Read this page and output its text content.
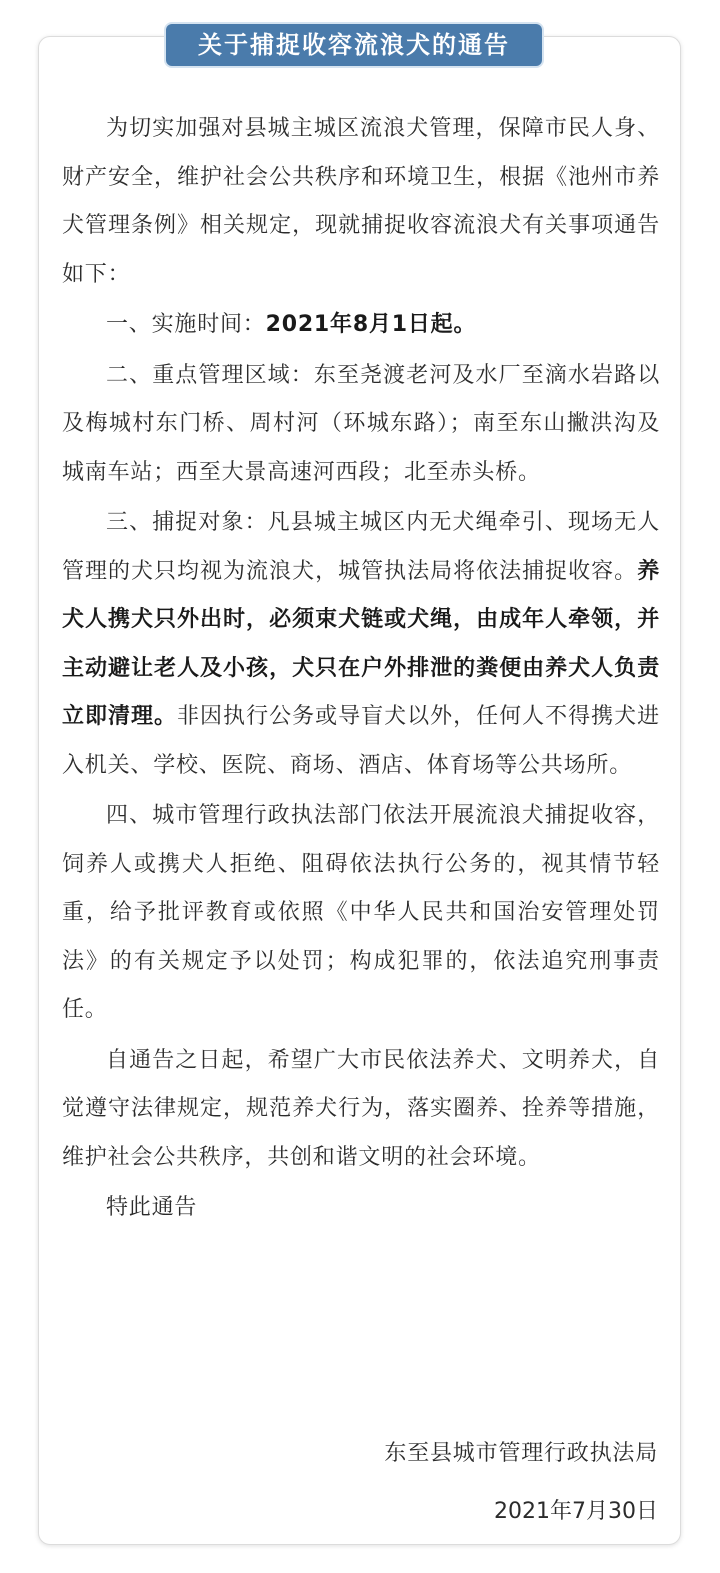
关于捕捉收容流浪犬的通告

为切实加强对县城主城区流浪犬管理，保障市民人身、财产安全，维护社会公共秩序和环境卫生，根据《池州市养犬管理条例》相关规定，现就捕捉收容流浪犬有关事项通告如下：

一、实施时间：2021年8月1日起。

二、重点管理区域：东至尧渡老河及水厂至滴水岩路以及梅城村东门桥、周村河（环城东路）；南至东山撇洪沟及城南车站；西至大景高速河西段；北至赤头桥。

三、捕捉对象：凡县城主城区内无犬绳牵引、现场无人管理的犬只均视为流浪犬，城管执法局将依法捕捉收容。养犬人携犬只外出时，必须束犬链或犬绳，由成年人牵领，并主动避让老人及小孩，犬只在户外排泄的粪便由养犬人负责立即清理。非因执行公务或导盲犬以外，任何人不得携犬进入机关、学校、医院、商场、酒店、体育场等公共场所。

四、城市管理行政执法部门依法开展流浪犬捕捉收容，饲养人或携犬人拒绝、阻碍依法执行公务的，视其情节轻重，给予批评教育或依照《中华人民共和国治安管理处罚法》的有关规定予以处罚；构成犯罪的，依法追究刑事责任。

自通告之日起，希望广大市民依法养犬、文明养犬，自觉遵守法律规定，规范养犬行为，落实圈养、拴养等措施，维护社会公共秩序，共创和谐文明的社会环境。

特此通告

东至县城市管理行政执法局
2021年7月30日
